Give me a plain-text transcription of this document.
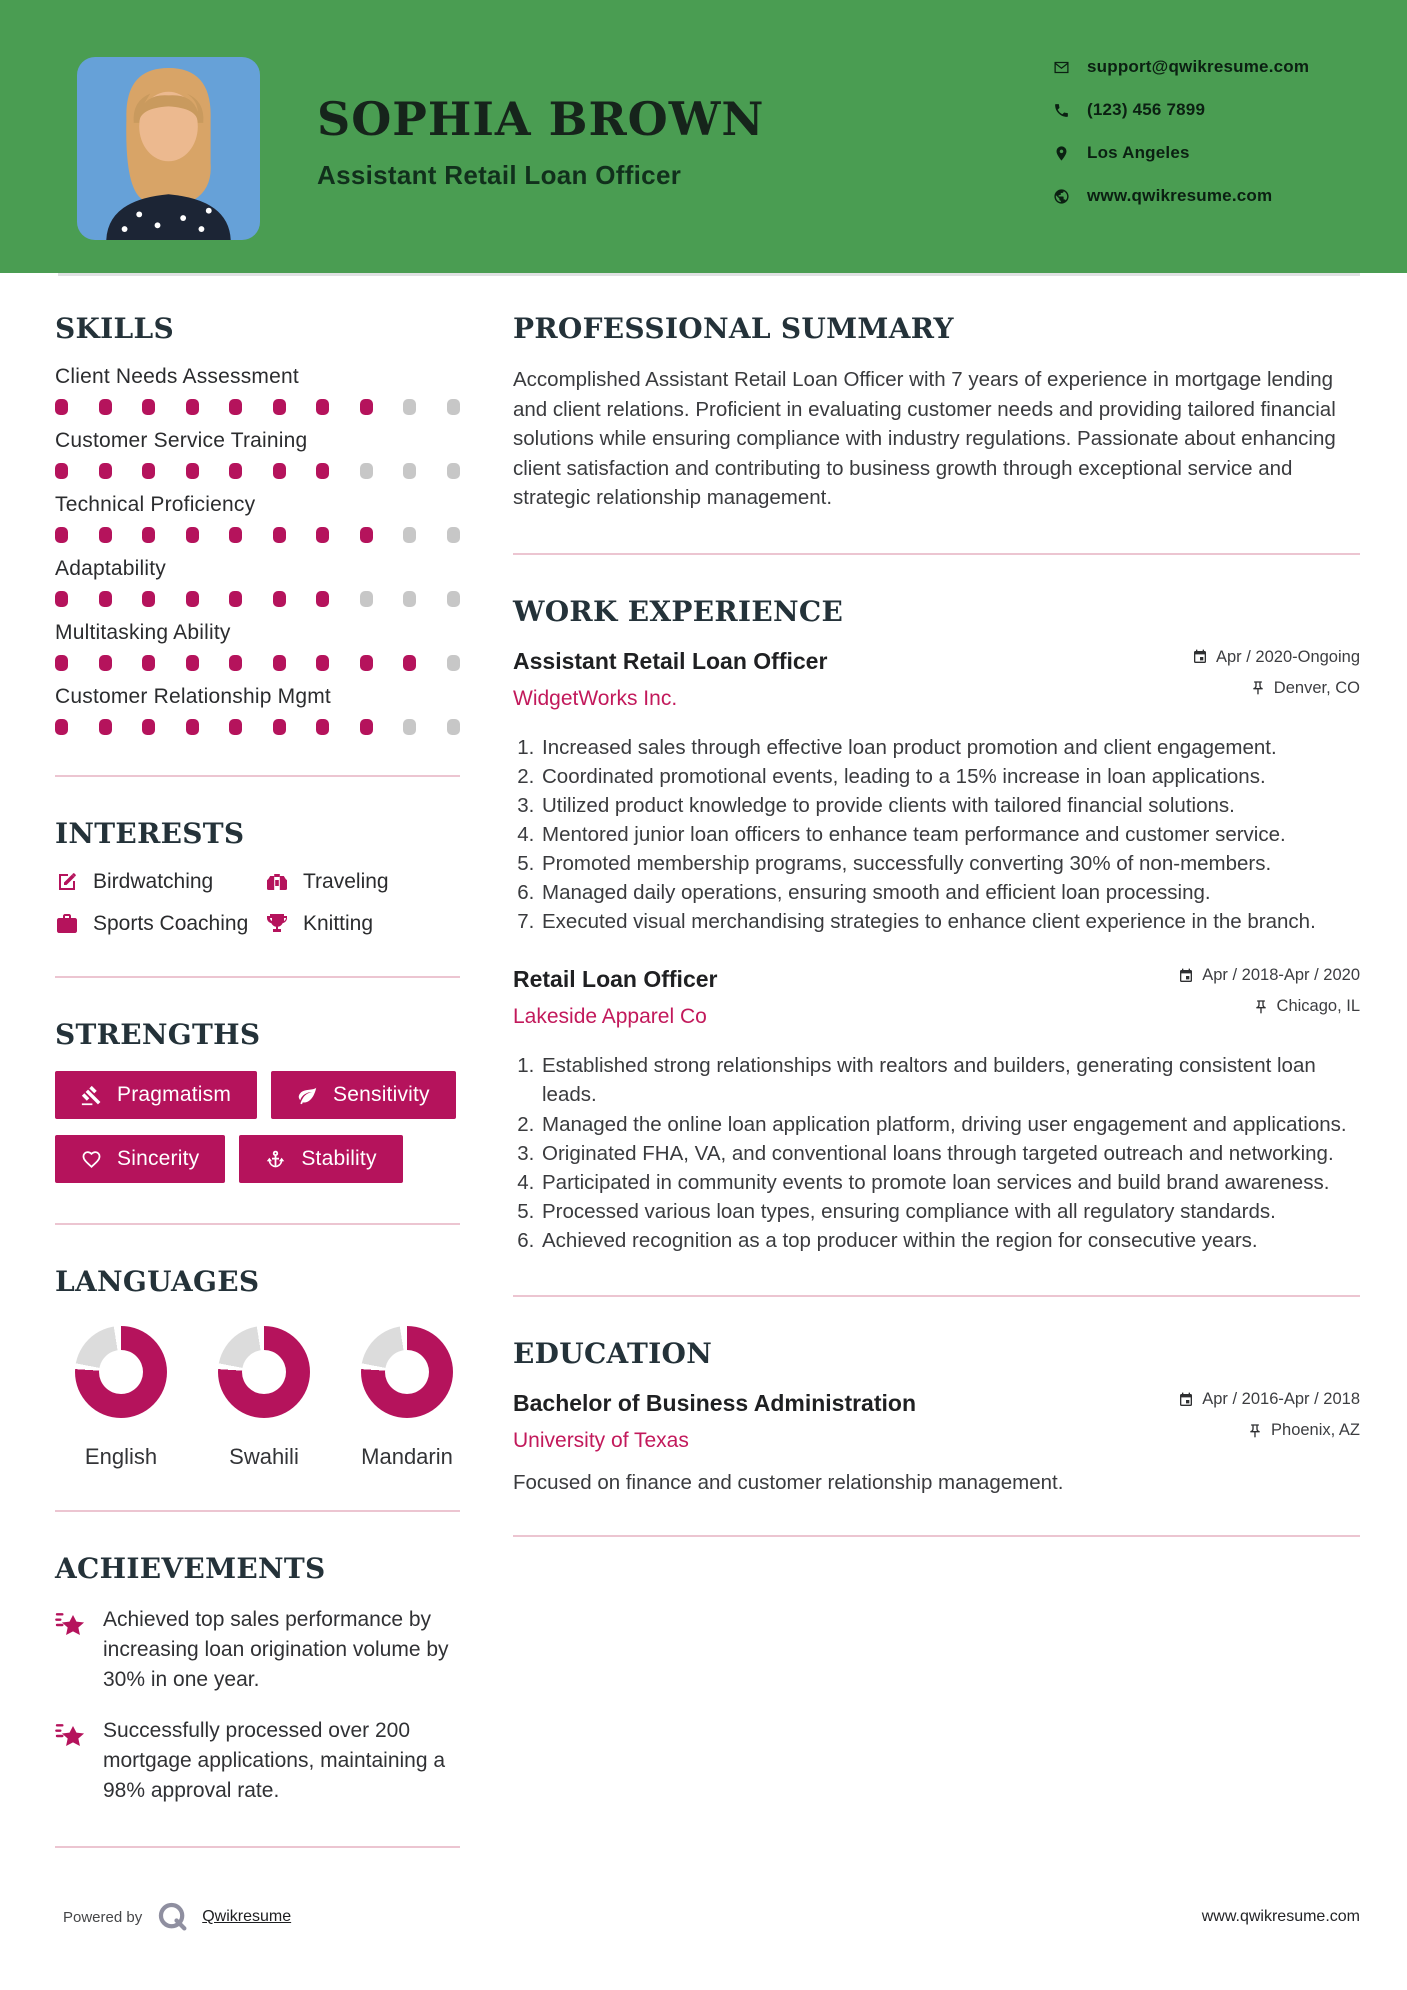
SOPHIA BROWN
Assistant Retail Loan Officer
support@qwikresume.com
(123) 456 7899
Los Angeles
www.qwikresume.com
SKILLS
Client Needs Assessment
Customer Service Training
Technical Proficiency
Adaptability
Multitasking Ability
Customer Relationship Mgmt
INTERESTS
Birdwatching	Traveling
Sports Coaching	Knitting
STRENGTHS
Pragmatism	Sensitivity
Sincerity	Stability
LANGUAGES
English	Swahili	Mandarin
ACHIEVEMENTS
Achieved top sales performance by increasing loan origination volume by 30% in one year.
Successfully processed over 200 mortgage applications, maintaining a 98% approval rate.
PROFESSIONAL SUMMARY

Accomplished Assistant Retail Loan Officer with 7 years of experience in mortgage lending and client relations. Proficient in evaluating customer needs and providing tailored financial solutions while ensuring compliance with industry regulations. Passionate about enhancing client satisfaction and contributing to business growth through exceptional service and strategic relationship management.

WORK EXPERIENCE
Assistant Retail Loan Officer
WidgetWorks Inc.
Apr / 2020-Ongoing
Denver, CO
1. Increased sales through effective loan product promotion and client engagement.
2. Coordinated promotional events, leading to a 15% increase in loan applications.
3. Utilized product knowledge to provide clients with tailored financial solutions.
4. Mentored junior loan officers to enhance team performance and customer service.
5. Promoted membership programs, successfully converting 30% of non-members.
6. Managed daily operations, ensuring smooth and efficient loan processing.
7. Executed visual merchandising strategies to enhance client experience in the branch.
Retail Loan Officer
Lakeside Apparel Co
Apr / 2018-Apr / 2020
Chicago, IL
1. Established strong relationships with realtors and builders, generating consistent loan leads.
2. Managed the online loan application platform, driving user engagement and applications.
3. Originated FHA, VA, and conventional loans through targeted outreach and networking.
4. Participated in community events to promote loan services and build brand awareness.
5. Processed various loan types, ensuring compliance with all regulatory standards.
6. Achieved recognition as a top producer within the region for consecutive years.
EDUCATION
Bachelor of Business Administration
University of Texas
Apr / 2016-Apr / 2018
Phoenix, AZ

Focused on finance and customer relationship management.

Powered by	Qwikresume	www.qwikresume.com
